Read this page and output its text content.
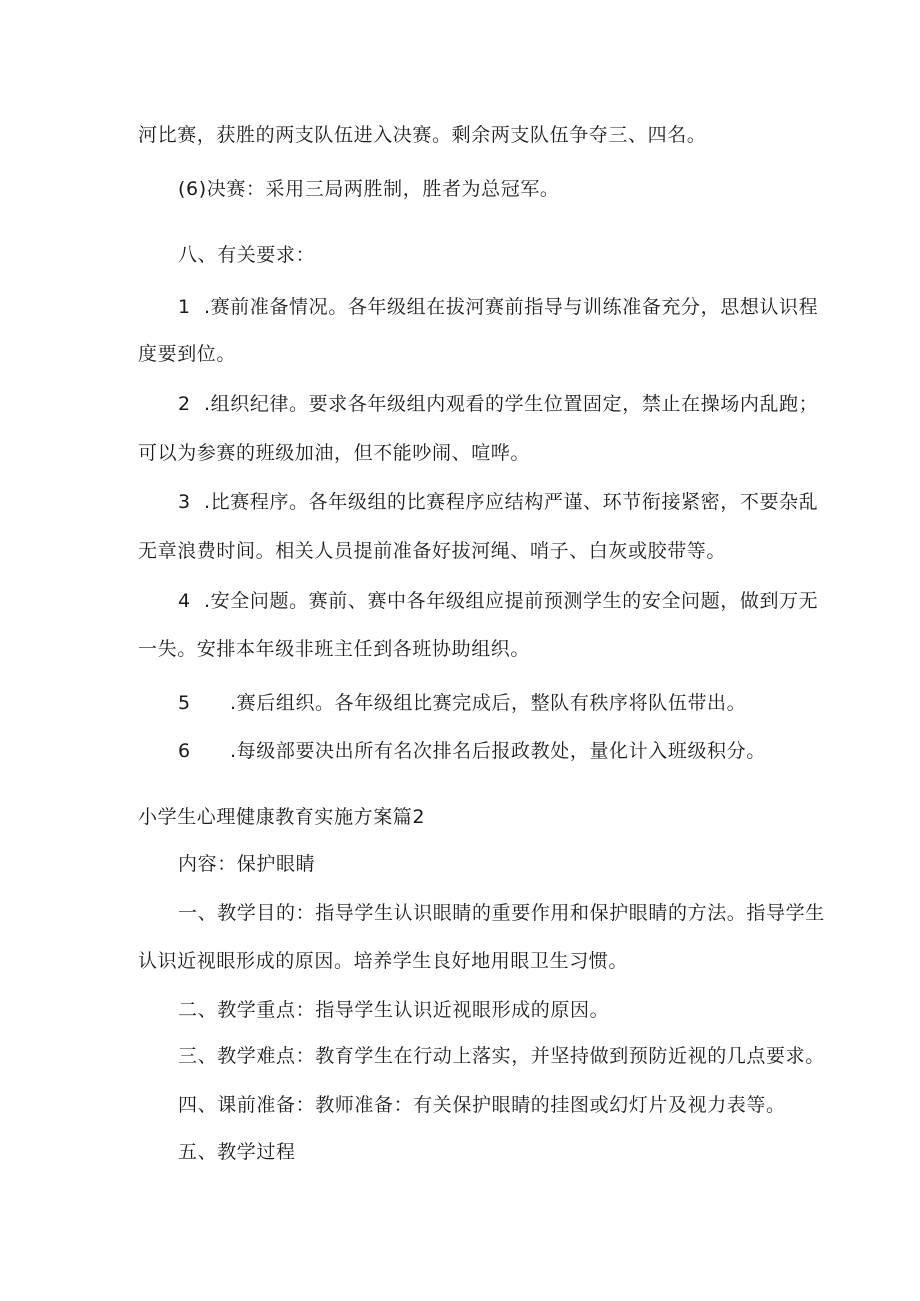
河比赛，获胜的两支队伍进入决赛。剩余两支队伍争夺三、四名。
(6)决赛：采用三局两胜制，胜者为总冠军。
八、有关要求：
1 .赛前准备情况。各年级组在拔河赛前指导与训练准备充分，思想认识程
度要到位。
2 .组织纪律。要求各年级组内观看的学生位置固定，禁止在操场内乱跑；
可以为参赛的班级加油，但不能吵闹、喧哗。
3 .比赛程序。各年级组的比赛程序应结构严谨、环节衔接紧密，不要杂乱
无章浪费时间。相关人员提前准备好拔河绳、哨子、白灰或胶带等。
4 .安全问题。赛前、赛中各年级组应提前预测学生的安全问题，做到万无
一失。安排本年级非班主任到各班协助组织。
5 .赛后组织。各年级组比赛完成后，整队有秩序将队伍带出。
6 .每级部要决出所有名次排名后报政教处，量化计入班级积分。
小学生心理健康教育实施方案篇2
内容：保护眼睛
一、教学目的：指导学生认识眼睛的重要作用和保护眼睛的方法。指导学生
认识近视眼形成的原因。培养学生良好地用眼卫生习惯。
二、教学重点：指导学生认识近视眼形成的原因。
三、教学难点：教育学生在行动上落实，并坚持做到预防近视的几点要求。
四、课前准备：教师准备：有关保护眼睛的挂图或幻灯片及视力表等。
五、教学过程
